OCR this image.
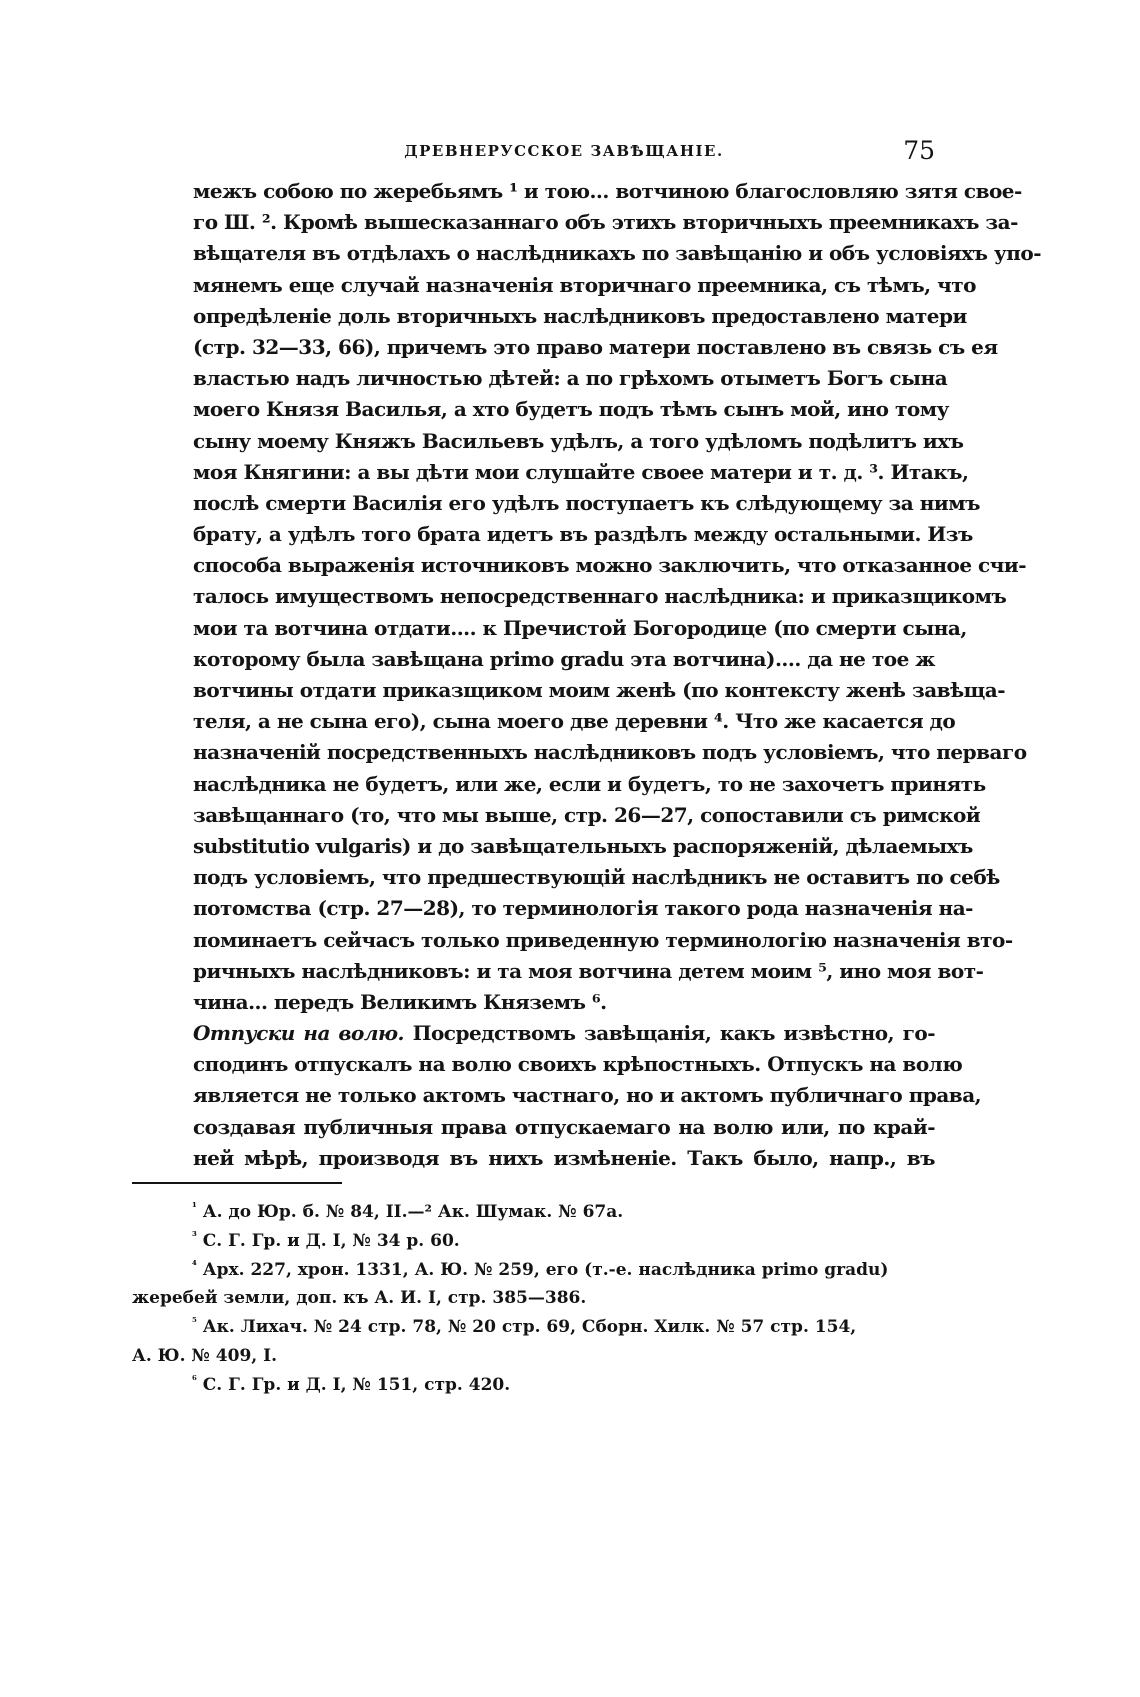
ДРЕВНЕРУССКОЕ ЗАВѢЩАНІЕ.	75
межъ собою по жеребьямъ ¹ и тою... вотчиною благословляю зятя свое-
го Ш. ². Кромѣ вышесказаннаго объ этихъ вторичныхъ преемникахъ за-
вѣщателя въ отдѣлахъ о наслѣдникахъ по завѣщанію и объ условіяхъ упо-
мянемъ еще случай назначенія вторичнаго преемника, съ тѣмъ, что
опредѣленіе доль вторичныхъ наслѣдниковъ предоставлено матери
(стр. 32—33, 66), причемъ это право матери поставлено въ связь съ ея
властью надъ личностью дѣтей: а по грѣхомъ отыметъ Богъ сына
моего Князя Василья, а хто будетъ подъ тѣмъ сынъ мой, ино тому
сыну моему Княжъ Васильевъ удѣлъ, а того удѣломъ подѣлитъ ихъ
моя Княгини: а вы дѣти мои слушайте своее матери и т. д. ³. Итакъ,
послѣ смерти Василія его удѣлъ поступаетъ къ слѣдующему за нимъ
брату, а удѣлъ того брата идетъ въ раздѣлъ между остальными. Изъ
способа выраженія источниковъ можно заключить, что отказанное счи-
талось имуществомъ непосредственнаго наслѣдника: и приказщикомъ
мои та вотчина отдати.... к Пречистой Богородице (по смерти сына,
которому была завѣщана primo gradu эта вотчина).... да не тое ж
вотчины отдати приказщиком моим женѣ (по контексту женѣ завѣща-
теля, а не сына его), сына моего две деревни ⁴. Что же касается до
назначеній посредственныхъ наслѣдниковъ подъ условіемъ, что перваго
наслѣдника не будетъ, или же, если и будетъ, то не захочетъ принять
завѣщаннаго (то, что мы выше, стр. 26—27, сопоставили съ римской
substitutio vulgaris) и до завѣщательныхъ распоряженій, дѣлаемыхъ
подъ условіемъ, что предшествующій наслѣдникъ не оставитъ по себѣ
потомства (стр. 27—28), то терминологія такого рода назначенія на-
поминаетъ сейчасъ только приведенную терминологію назначенія вто-
ричныхъ наслѣдниковъ: и та моя вотчина детем моим ⁵, ино моя вот-
чина... передъ Великимъ Княземъ ⁶.
Отпуски на волю. Посредствомъ завѣщанія, какъ извѣстно, го-
сподинъ отпускалъ на волю своихъ крѣпостныхъ. Отпускъ на волю
является не только актомъ частнаго, но и актомъ публичнаго права,
создавая публичныя права отпускаемаго на волю или, по край-
ней мѣрѣ, производя въ нихъ измѣненіе. Такъ было, напр., въ
$^{^1}$ А. до Юр. б. № 84, II.—² Ак. Шумак. № 67а.
$^{^3}$ С. Г. Гр. и Д. I, № 34 р. 60.
$^{^4}$ Арх. 227, хрон. 1331, А. Ю. № 259, его (т.-е. наслѣдника primo gradu)
жеребей земли, доп. къ А. И. I, стр. 385—386.
$^{^5}$ Ак. Лихач. № 24 стр. 78, № 20 стр. 69, Сборн. Хилк. № 57 стр. 154,
А. Ю. № 409, I.
$^{^6}$ С. Г. Гр. и Д. I, № 151, стр. 420.
